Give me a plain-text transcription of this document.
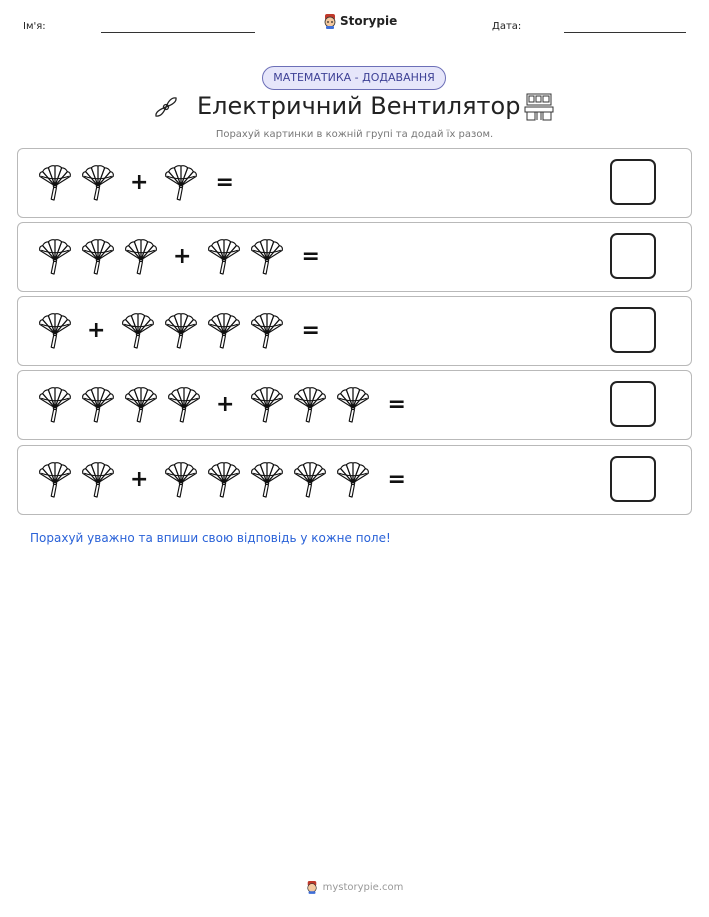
Ім'я:	Storypie	Дата:
МАТЕМАТИКА - ДОДАВАННЯ
Електричний Вентилятор
Порахуй картинки в кожній групі та додай їх разом.
+	=
+	=
+	=
+	=
+	=
Порахуй уважно та впиши свою відповідь у кожне поле!
mystorypie.com
